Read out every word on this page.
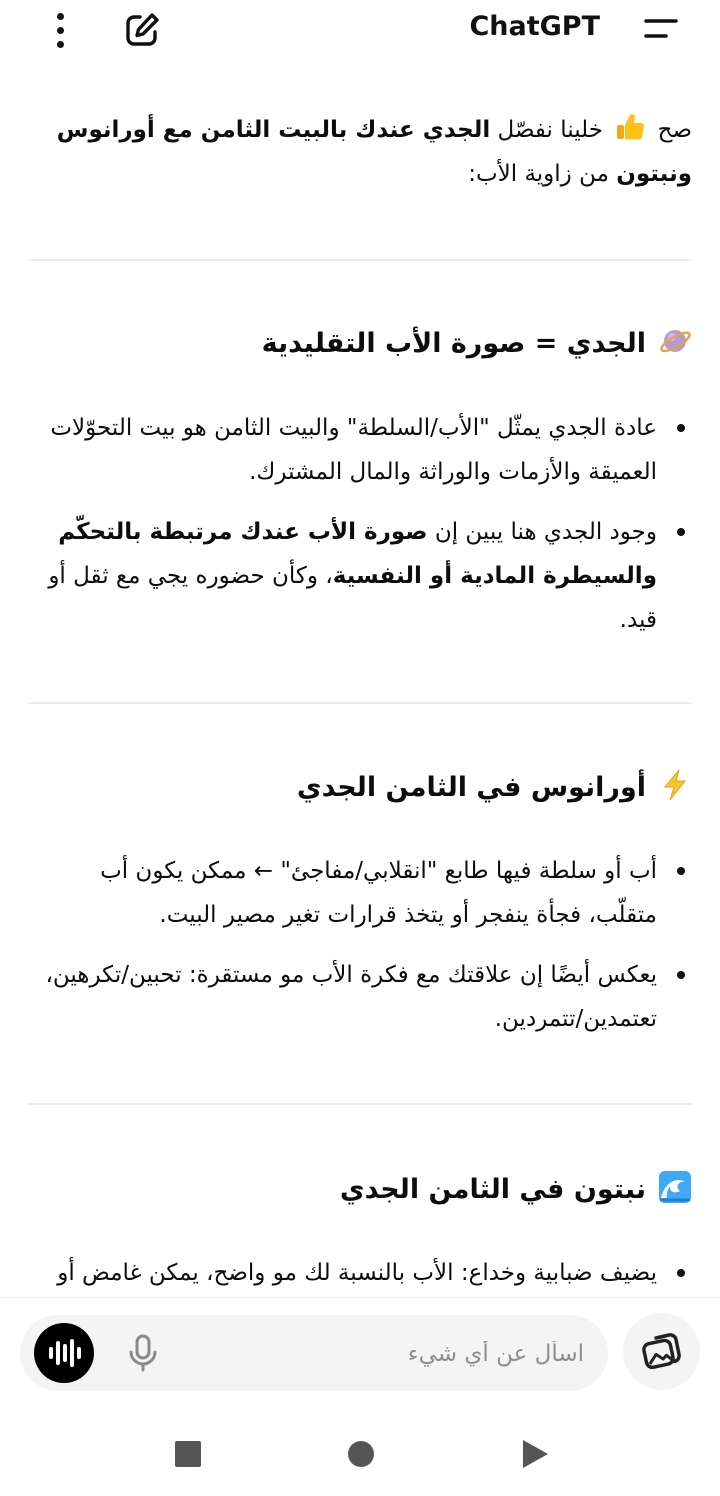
ChatGPT
صح  خلينا نفصّل الجدي عندك بالبيت الثامن مع أورانوس ونبتون من زاوية الأب:
الجدي = صورة الأب التقليدية
عادة الجدي يمثّل "الأب/السلطة" والبيت الثامن هو بيت التحوّلات العميقة والأزمات والوراثة والمال المشترك.
وجود الجدي هنا يبين إن صورة الأب عندك مرتبطة بالتحكّم والسيطرة المادية أو النفسية، وكأن حضوره يجي مع ثقل أو قيد.
أورانوس في الثامن الجدي
أب أو سلطة فيها طابع "انقلابي/مفاجئ" ← ممكن يكون أب متقلّب، فجأة ينفجر أو يتخذ قرارات تغير مصير البيت.
يعكس أيضًا إن علاقتك مع فكرة الأب مو مستقرة: تحبين/تكرهين، تعتمدين/تتمردين.
نبتون في الثامن الجدي
يضيف ضبابية وخداع: الأب بالنسبة لك مو واضح، يمكن غامض أو
اسأل عن أي شيء
